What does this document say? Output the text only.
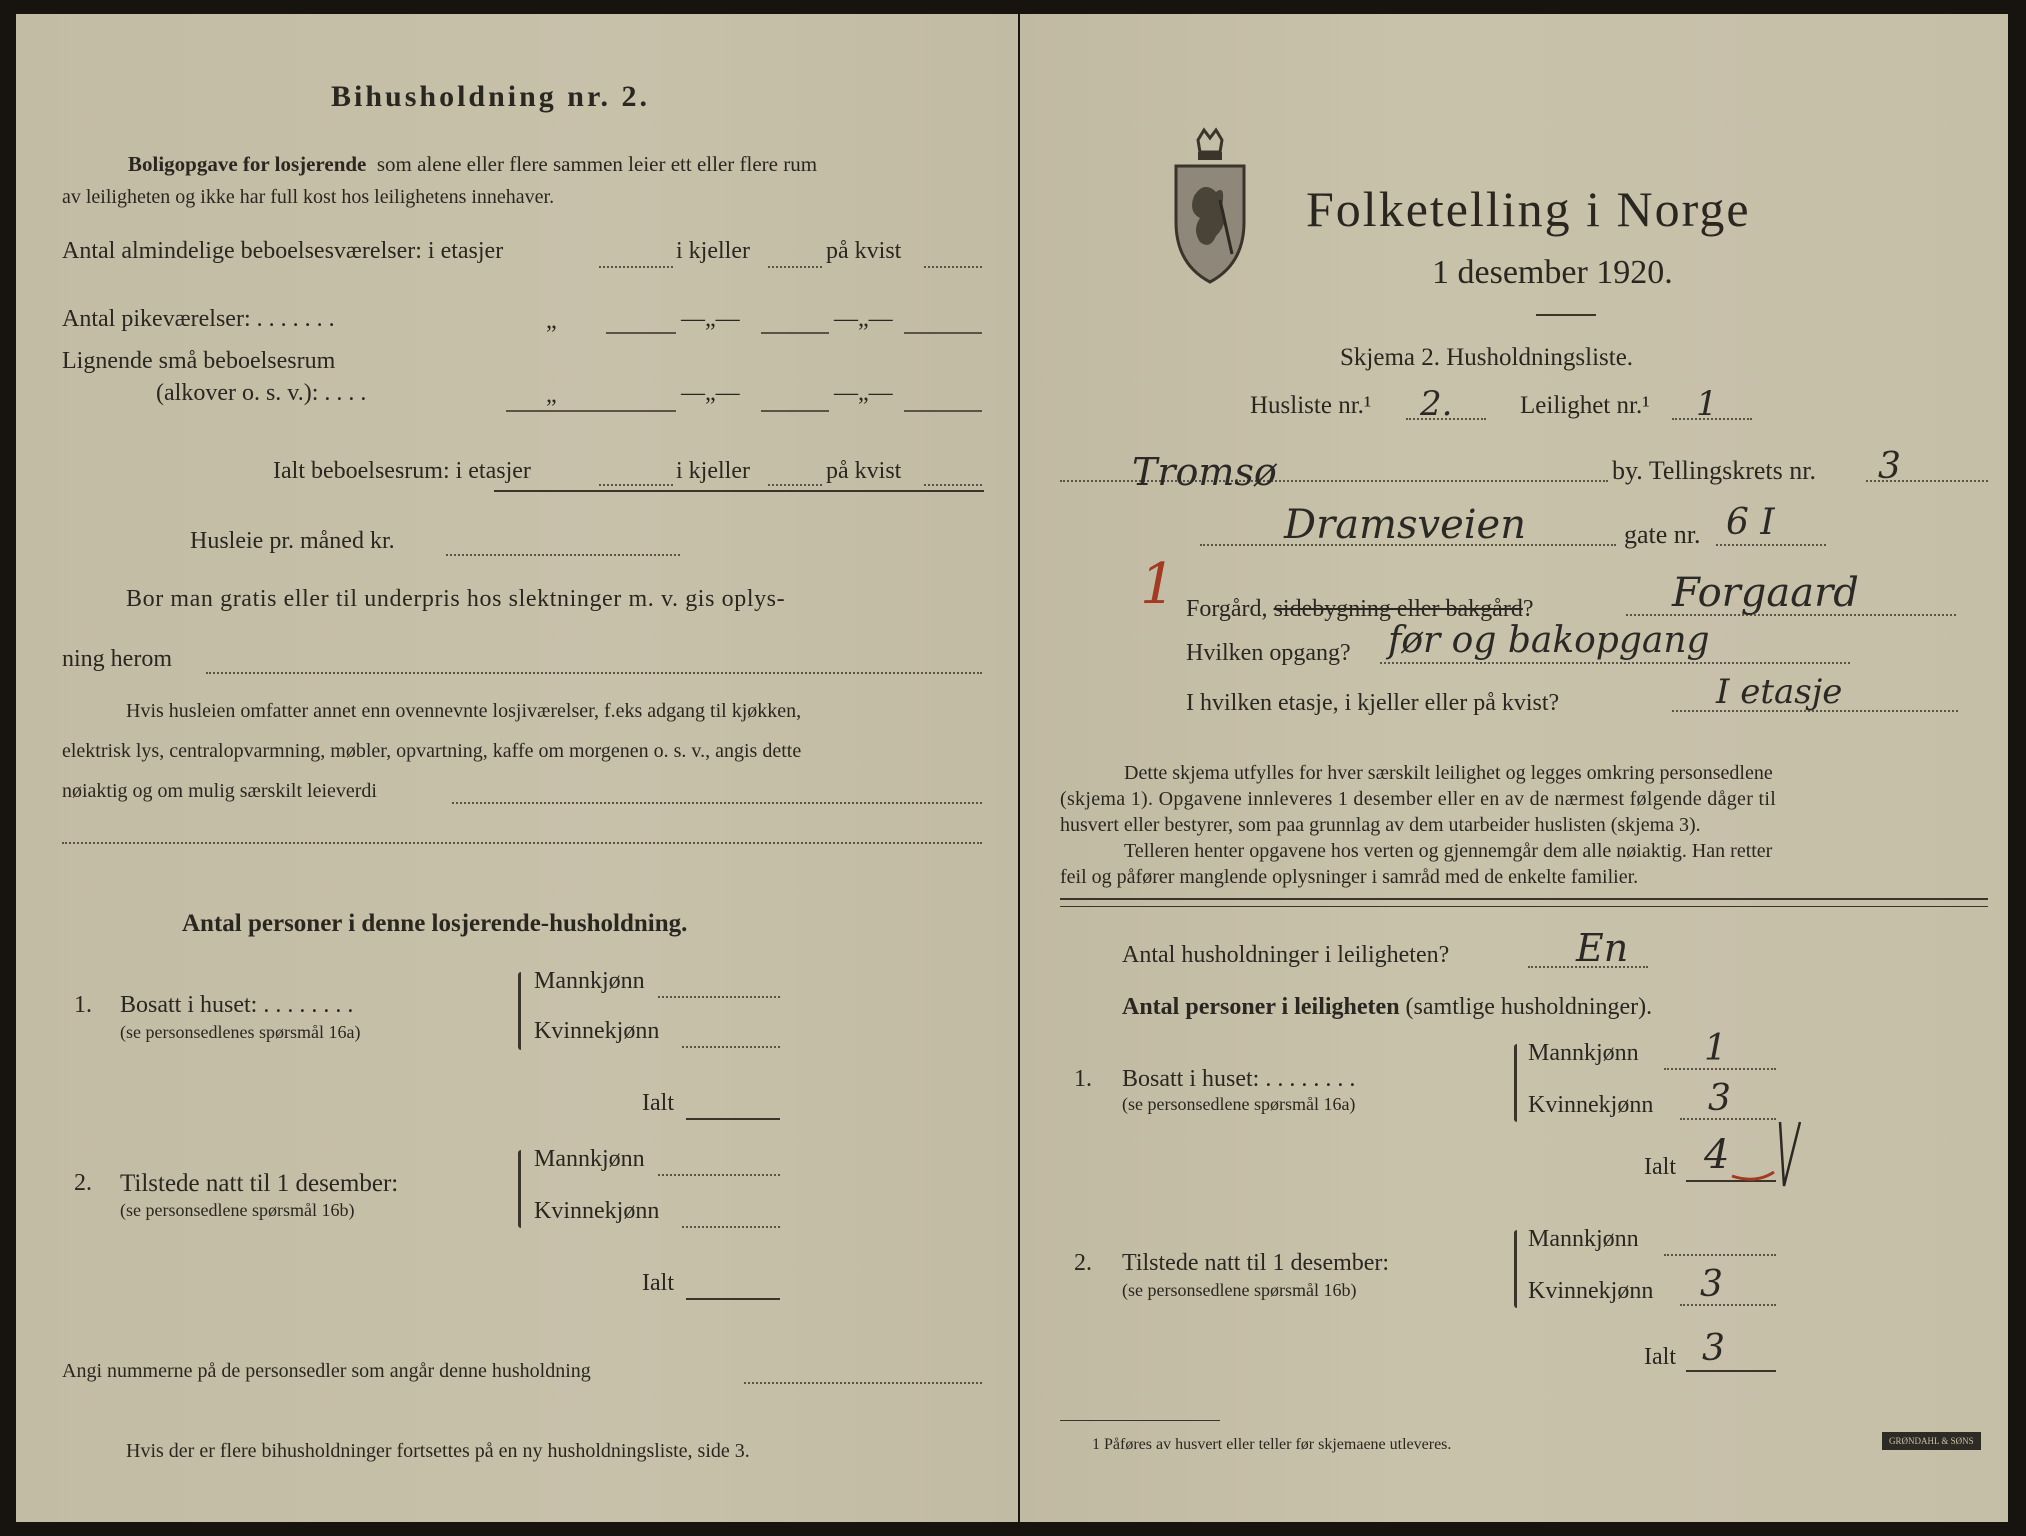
Bihusholdning nr. 2.
Boligopgave for losjerende som alene eller flere sammen leier ett eller flere rum
av leiligheten og ikke har full kost hos leilighetens innehaver.
Antal almindelige beboelsesværelser: i etasjer	i kjeller	på kvist
Antal pikeværelser: . . . . . . .	„	—„—	—„—
Lignende små beboelsesrum
(alkover o. s. v.): . . . .	„	—„—	—„—
Ialt beboelsesrum: i etasjer	i kjeller	på kvist
Husleie pr. måned kr.
Bor man gratis eller til underpris hos slektninger m. v. gis oplys-
ning herom
Hvis husleien omfatter annet enn ovennevnte losjiværelser, f.eks adgang til kjøkken,
elektrisk lys, centralopvarmning, møbler, opvartning, kaffe om morgenen o. s. v., angis dette
nøiaktig og om mulig særskilt leieverdi
Antal personer i denne losjerende-husholdning.
1. Bosatt i huset: . . . . . . . .
(se personsedlenes spørsmål 16a)
Mannkjønn
Kvinnekjønn
Ialt
2. Tilstede natt til 1 desember:
(se personsedlene spørsmål 16b)
Mannkjønn
Kvinnekjønn
Ialt
Angi nummerne på de personsedler som angår denne husholdning
Hvis der er flere bihusholdninger fortsettes på en ny husholdningsliste, side 3.
Folketelling i Norge
1 desember 1920.
Skjema 2. Husholdningsliste.
Husliste nr.¹ 2.	Leilighet nr.¹ 1
Tromsø	by. Tellingskrets nr. 3
Dramsveien	gate nr. 6 I
1 Forgård, sidebygning eller bakgård?	Forgaard
Hvilken opgang? før og bakopgang
I hvilken etasje, i kjeller eller på kvist?	I etasje
Dette skjema utfylles for hver særskilt leilighet og legges omkring personsedlene
(skjema 1). Opgavene innleveres 1 desember eller en av de nærmest følgende dåger til
husvert eller bestyrer, som paa grunnlag av dem utarbeider huslisten (skjema 3).
Telleren henter opgavene hos verten og gjennemgår dem alle nøiaktig. Han retter
feil og påfører manglende oplysninger i samråd med de enkelte familier.
Antal husholdninger i leiligheten?	En
Antal personer i leiligheten (samtlige husholdninger).
1. Bosatt i huset: . . . . . . . .
(se personsedlene spørsmål 16a)
Mannkjønn 1
Kvinnekjønn 3
Ialt 4
2. Tilstede natt til 1 desember:
(se personsedlene spørsmål 16b)
Mannkjønn
Kvinnekjønn 3
Ialt 3
1 Påføres av husvert eller teller før skjemaene utleveres.	GRØNDAHL & SØNS
